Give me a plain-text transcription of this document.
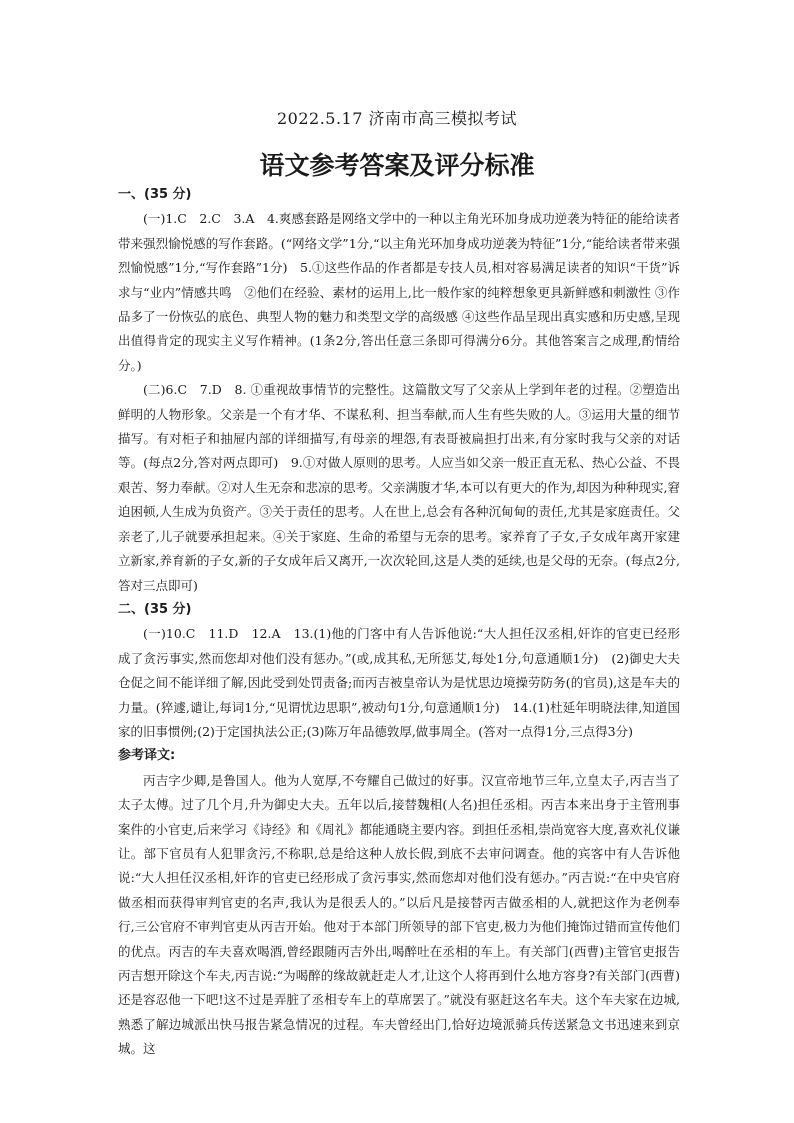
2022.5.17 济南市高三模拟考试
语文参考答案及评分标准

一、(35 分)

(一)1.C　2.C　3.A　4.爽感套路是网络文学中的一种以主角光环加身成功逆袭为特征的能给读者带来强烈愉悦感的写作套路。(“网络文学”1分,“以主角光环加身成功逆袭为特征”1分,“能给读者带来强烈愉悦感”1分,“写作套路”1分)　5.①这些作品的作者都是专技人员,相对容易满足读者的知识“干货”诉求与“业内”情感共鸣　②他们在经验、素材的运用上,比一般作家的纯粹想象更具新鲜感和刺激性 ③作品多了一份恢弘的底色、典型人物的魅力和类型文学的高级感 ④这些作品呈现出真实感和历史感,呈现出值得肯定的现实主义写作精神。(1条2分,答出任意三条即可得满分6分。其他答案言之成理,酌情给分。)

(二)6.C　7.D　8. ①重视故事情节的完整性。这篇散文写了父亲从上学到年老的过程。②塑造出鲜明的人物形象。父亲是一个有才华、不谋私利、担当奉献,而人生有些失败的人。③运用大量的细节描写。有对柜子和抽屉内部的详细描写,有母亲的埋怨,有表哥被扁担打出来,有分家时我与父亲的对话等。(每点2分,答对两点即可)　9.①对做人原则的思考。人应当如父亲一般正直无私、热心公益、不畏艰苦、努力奉献。②对人生无奈和悲凉的思考。父亲满腹才华,本可以有更大的作为,却因为种种现实,窘迫困顿,人生成为负资产。③关于责任的思考。人在世上,总会有各种沉甸甸的责任,尤其是家庭责任。父亲老了,儿子就要承担起来。④关于家庭、生命的希望与无奈的思考。家养育了子女,子女成年离开家建立新家,养育新的子女,新的子女成年后又离开,一次次轮回,这是人类的延续,也是父母的无奈。(每点2分,答对三点即可)

二、(35 分)

(一)10.C　11.D　12.A　13.(1)他的门客中有人告诉他说:“大人担任汉丞相,奸诈的官吏已经形成了贪污事实,然而您却对他们没有惩办。”(或,成其私,无所惩艾,每处1分,句意通顺1分)　(2)御史大夫仓促之间不能详细了解,因此受到处罚责备;而丙吉被皇帝认为是忧思边境操劳防务(的官员),这是车夫的力量。(猝遽,谴让,每词1分,“见谓忧边思职”,被动句1分,句意通顺1分)　14.(1)杜延年明晓法律,知道国家的旧事惯例;(2)于定国执法公正;(3)陈万年品德敦厚,做事周全。(答对一点得1分,三点得3分)

参考译文:

丙吉字少卿,是鲁国人。他为人宽厚,不夸耀自己做过的好事。汉宣帝地节三年,立皇太子,丙吉当了太子太傅。过了几个月,升为御史大夫。五年以后,接替魏相(人名)担任丞相。丙吉本来出身于主管刑事案件的小官吏,后来学习《诗经》和《周礼》都能通晓主要内容。到担任丞相,崇尚宽容大度,喜欢礼仪谦让。部下官员有人犯罪贪污,不称职,总是给这种人放长假,到底不去审问调查。他的宾客中有人告诉他说:“大人担任汉丞相,奸诈的官吏已经形成了贪污事实,然而您却对他们没有惩办。”丙吉说:“在中央官府做丞相而获得审判官吏的名声,我认为是很丢人的。”以后凡是接替丙吉做丞相的人,就把这作为老例奉行,三公官府不审判官吏从丙吉开始。他对于本部门所领导的部下官吏,极力为他们掩饰过错而宣传他们的优点。丙吉的车夫喜欢喝酒,曾经跟随丙吉外出,喝醉吐在丞相的车上。有关部门(西曹)主管官吏报告丙吉想开除这个车夫,丙吉说:“为喝醉的缘故就赶走人才,让这个人将再到什么地方容身?有关部门(西曹)还是容忍他一下吧!这不过是弄脏了丞相专车上的草席罢了。”就没有驱赶这名车夫。这个车夫家在边城,熟悉了解边城派出快马报告紧急情况的过程。车夫曾经出门,恰好边境派骑兵传送紧急文书迅速来到京城。这
